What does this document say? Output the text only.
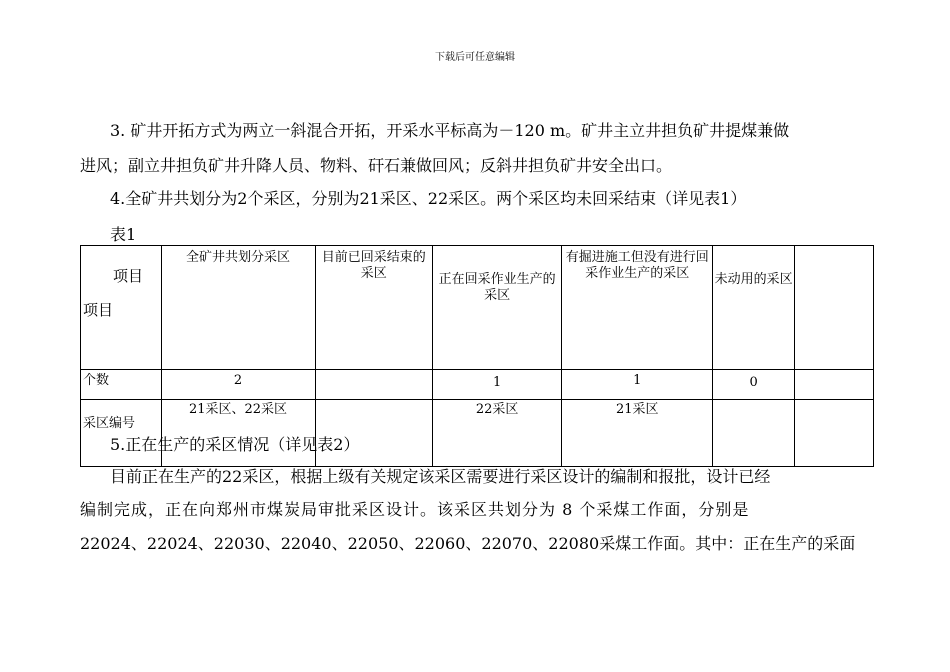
下载后可任意编辑
3. 矿井开拓方式为两立一斜混合开拓，开采水平标高为－120 m。矿井主立井担负矿井提煤兼做
进风；副立井担负矿井升降人员、物料、矸石兼做回风；反斜井担负矿井安全出口。
4.全矿井共划分为2个采区，分别为21采区、22采区。两个采区均未回采结束（详见表1）
表1
项目
项目	全矿井共划分采区	目前已回采结束的采区	正在回采作业生产的采区	有掘进施工但没有进行回采作业生产的采区	未动用的采区	
个数	2		1	1	0	
采区编号	21采区、22采区		22采区	21采区		
5.正在生产的采区情况（详见表2）
目前正在生产的22采区，根据上级有关规定该采区需要进行采区设计的编制和报批，设计已经
编制完成，正在向郑州市煤炭局审批采区设计。该采区共划分为 8 个采煤工作面，分别是
22024、22024、22030、22040、22050、22060、22070、22080采煤工作面。其中：正在生产的采面
